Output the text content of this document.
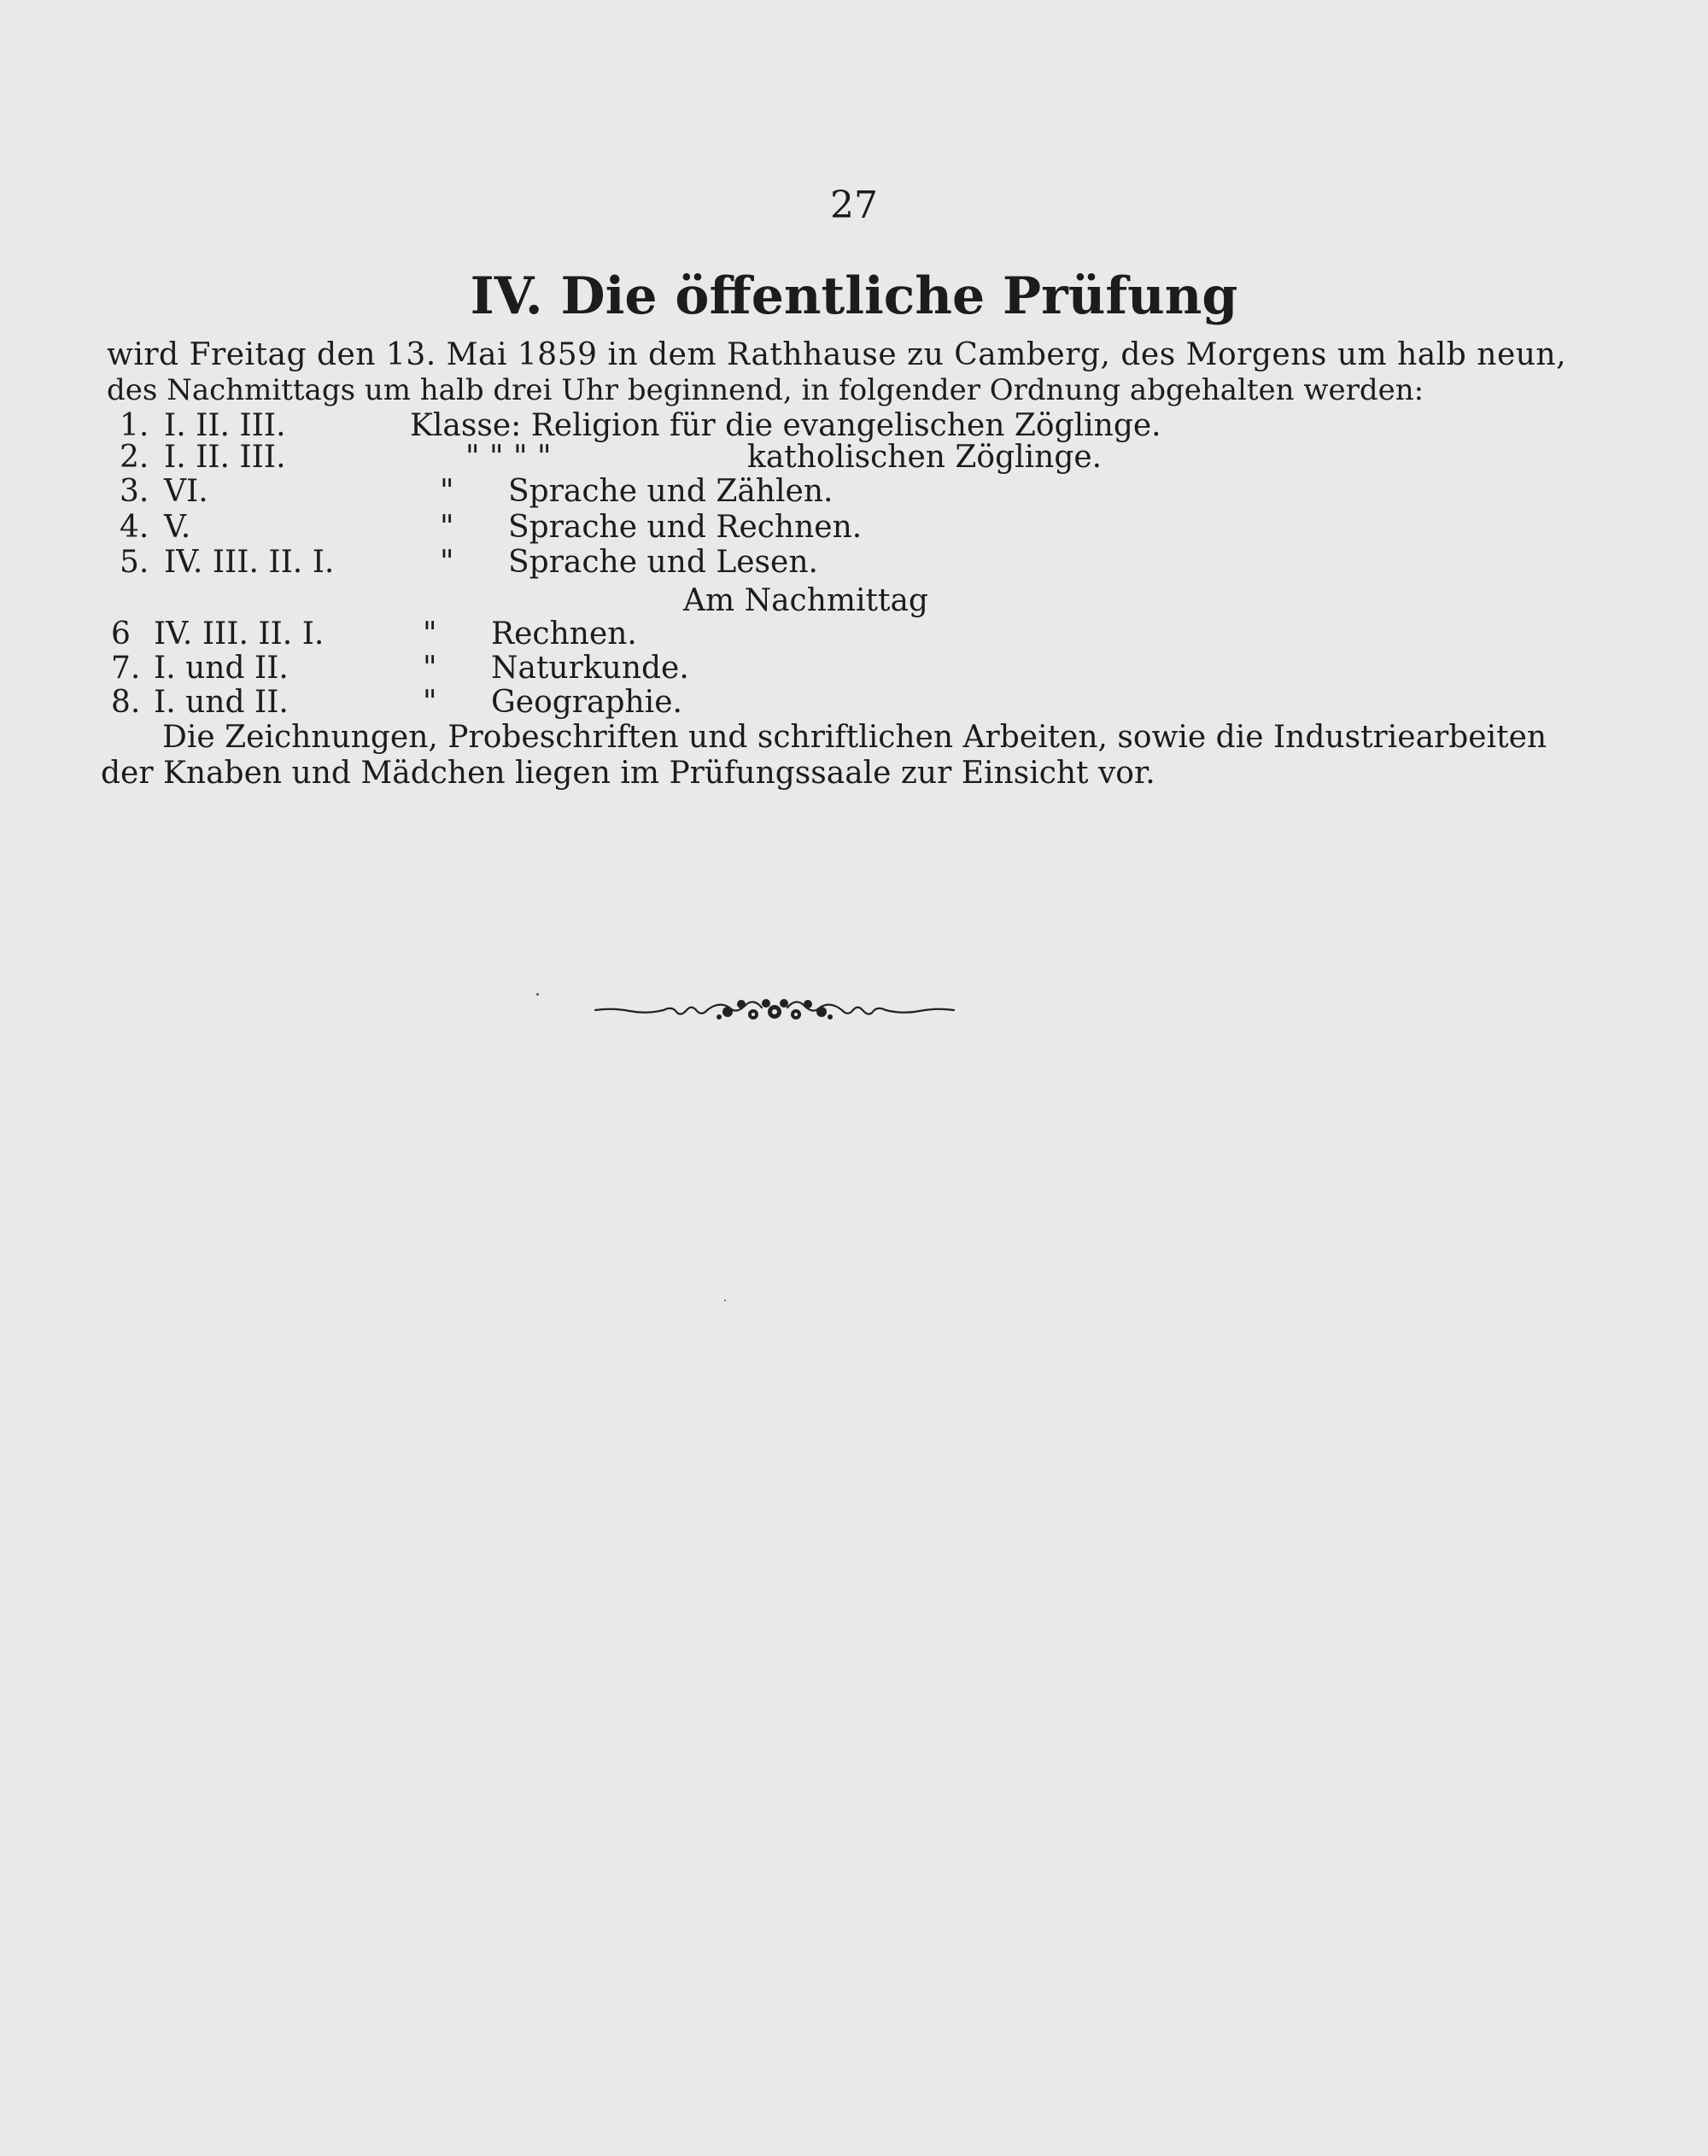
27
IV. Die öffentliche Prüfung
wird Freitag den 13. Mai 1859 in dem Rathhause zu Camberg, des Morgens um halb neun,
des Nachmittags um halb drei Uhr beginnend, in folgender Ordnung abgehalten werden:
1. I. II. III.	Klasse: Religion für die evangelischen Zöglinge.
2. I. II. III.	" " " "	katholischen Zöglinge.
3. VI.	" Sprache und Zählen.
4. V.	" Sprache und Rechnen.
5. IV. III. II. I.	" Sprache und Lesen.
Am Nachmittag
6 IV. III. II. I.	" Rechnen.
7. I. und II.	" Naturkunde.
8. I. und II.	" Geographie.
Die Zeichnungen, Probeschriften und schriftlichen Arbeiten, sowie die Industriearbeiten
der Knaben und Mädchen liegen im Prüfungssaale zur Einsicht vor.
